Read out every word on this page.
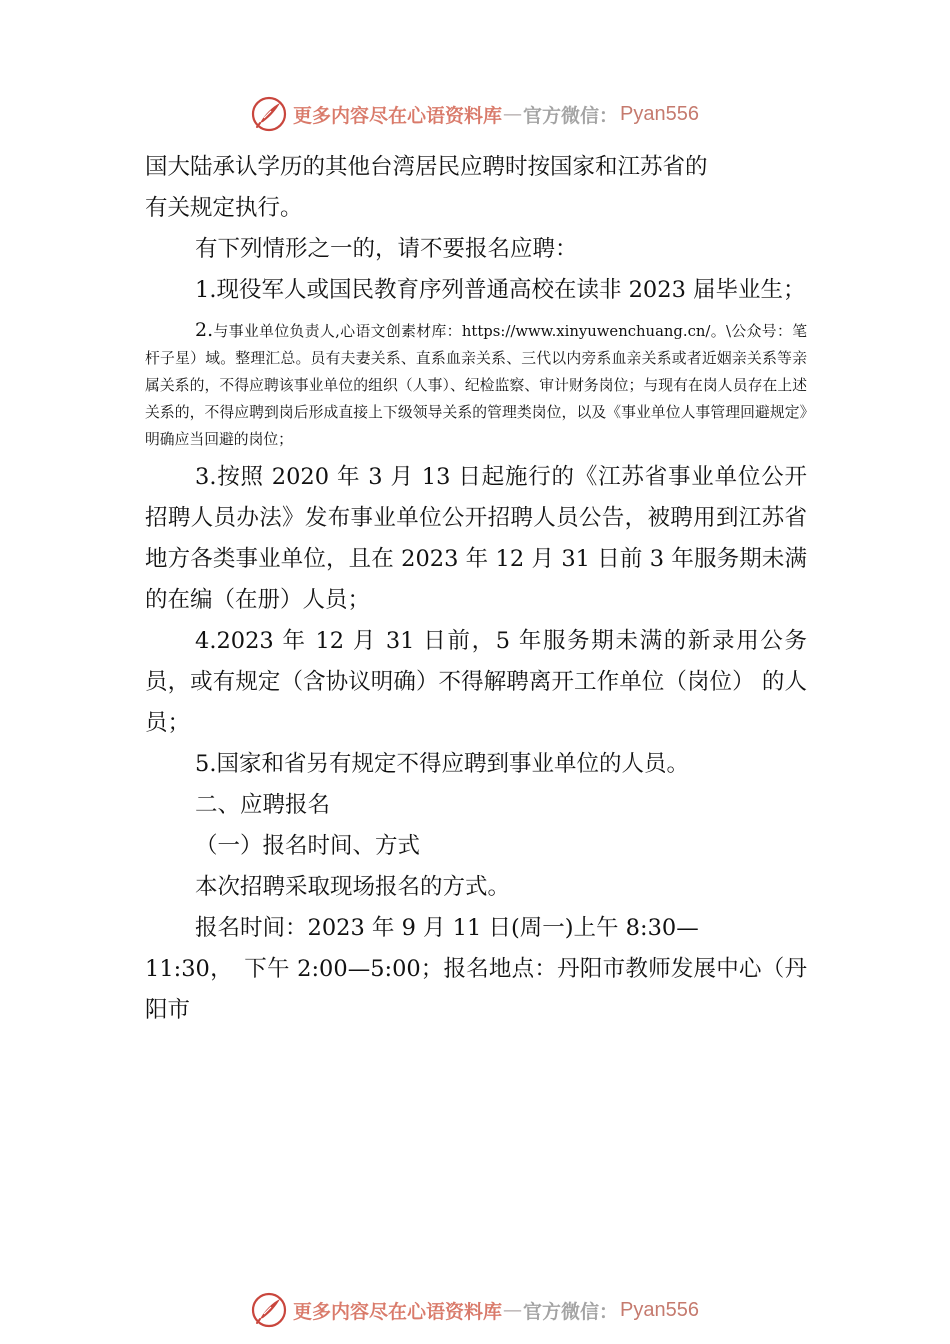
更多内容尽在心语资料库 — 官方微信： Pyan556

国大陆承认学历的其他台湾居民应聘时按国家和江苏省的

有关规定执行。

有下列情形之一的，请不要报名应聘：

1.现役军人或国民教育序列普通高校在读非 2023 届毕业生；

2.与事业单位负责人,心语文创素材库：https://www.xinyuwenchuang.cn/。\公众号：笔杆子星）域。整理汇总。员有夫妻关系、直系血亲关系、三代以内旁系血亲关系或者近姻亲关系等亲属关系的，不得应聘该事业单位的组织（人事）、纪检监察、审计财务岗位；与现有在岗人员存在上述关系的，不得应聘到岗后形成直接上下级领导关系的管理类岗位，以及《事业单位人事管理回避规定》明确应当回避的岗位；

3.按照 2020 年 3 月 13 日起施行的《江苏省事业单位公开招聘人员办法》发布事业单位公开招聘人员公告，被聘用到江苏省地方各类事业单位，且在 2023 年 12 月 31 日前 3 年服务期未满的在编（在册）人员；

4.2023 年 12 月 31 日前，5 年服务期未满的新录用公务员，或有规定（含协议明确）不得解聘离开工作单位（岗位） 的人员；

5.国家和省另有规定不得应聘到事业单位的人员。

二、应聘报名

（一）报名时间、方式

本次招聘采取现场报名的方式。

报名时间：2023 年 9 月 11 日(周一)上午 8:30—

11:30，　下午 2:00—5:00；报名地点：丹阳市教师发展中心（丹阳市

更多内容尽在心语资料库 — 官方微信： Pyan556
